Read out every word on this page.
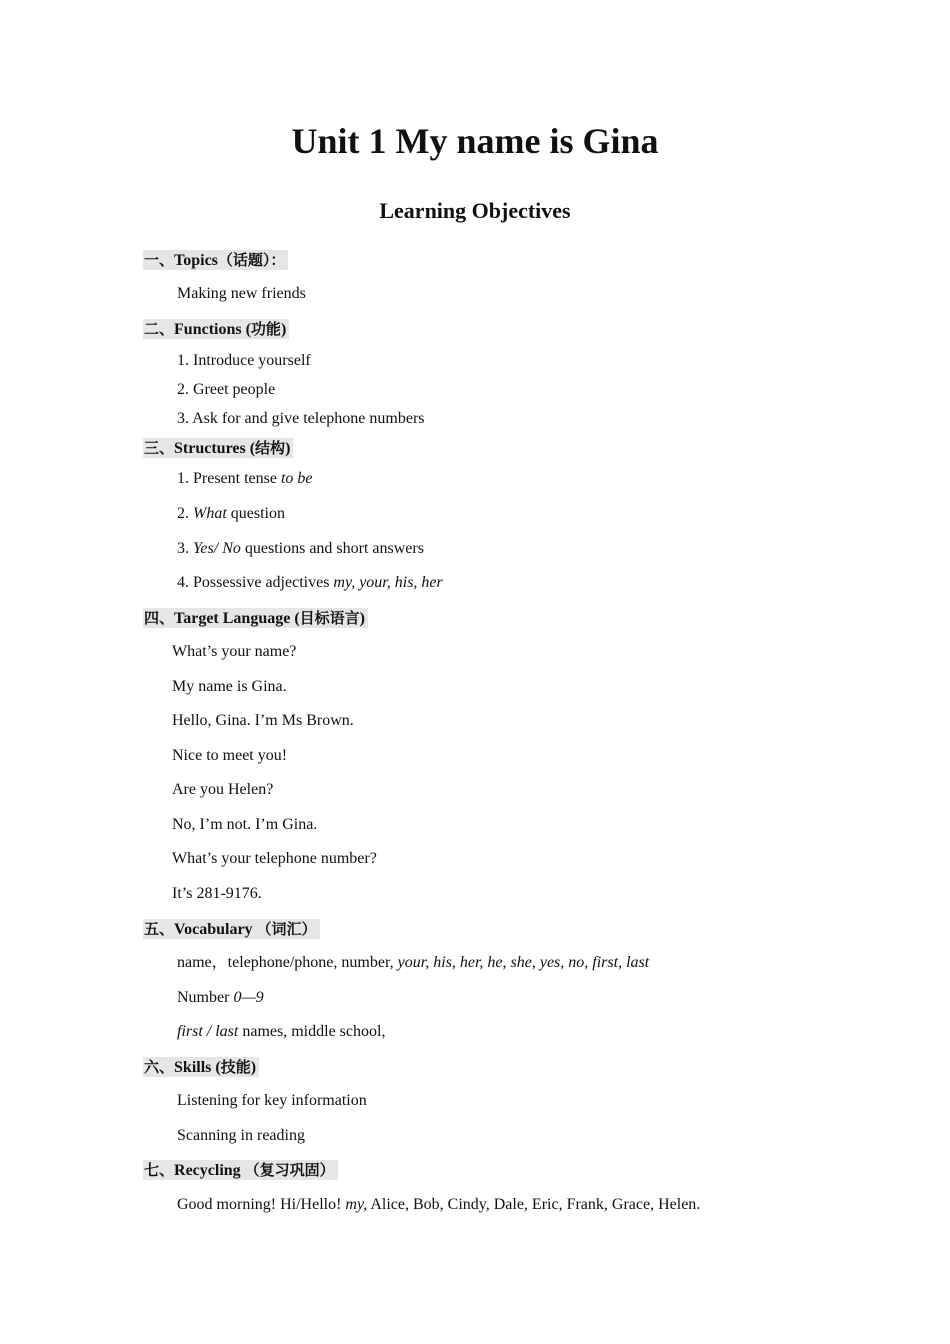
Unit 1 My name is Gina
Learning Objectives
一、Topics（话题）：
Making new friends
二、Functions (功能)
1. Introduce yourself
2. Greet people
3. Ask for and give telephone numbers
三、Structures (结构)
1. Present tense to be
2. What question
3. Yes/ No questions and short answers
4. Possessive adjectives my, your, his, her
四、Target Language (目标语言)
What’s your name?
My name is Gina.
Hello, Gina. I’m Ms Brown.
Nice to meet you!
Are you Helen?
No, I’m not. I’m Gina.
What’s your telephone number?
It’s 281-9176.
五、Vocabulary （词汇）
name，telephone/phone, number, your, his, her, he, she, yes, no, first, last
Number 0—9
first / last names, middle school,
六、Skills (技能)
Listening for key information
Scanning in reading
七、Recycling （复习巩固）
Good morning! Hi/Hello! my, Alice, Bob, Cindy, Dale, Eric, Frank, Grace, Helen.
